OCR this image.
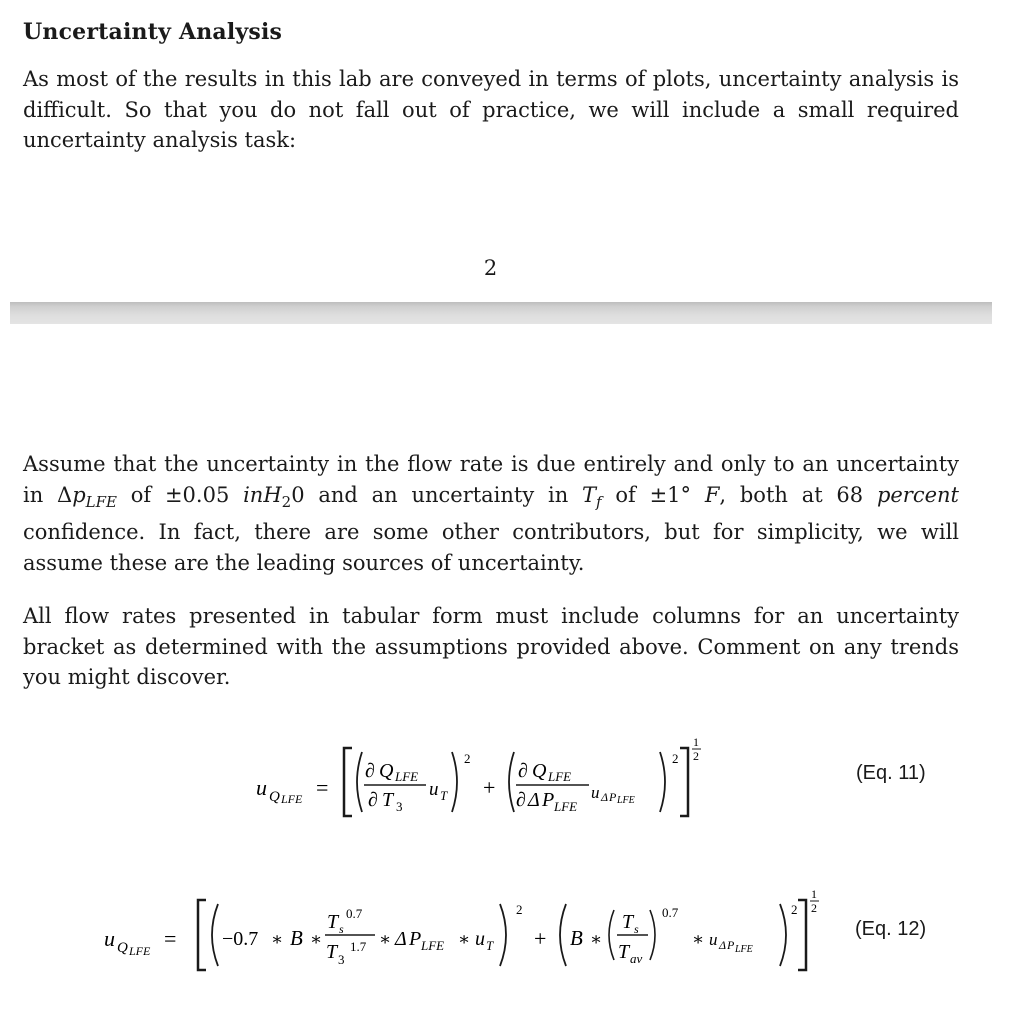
Uncertainty Analysis
As most of the results in this lab are conveyed in terms of plots, uncertainty analysis is difficult. So that you do not fall out of practice, we will include a small required uncertainty analysis task:
2
Assume that the uncertainty in the flow rate is due entirely and only to an uncertainty in $\Delta p_{LFE}$ of ±0.05 inH$_2$0 and an uncertainty in $T_f$ of ±1° F, both at 68 percent confidence. In fact, there are some other contributors, but for simplicity, we will assume these are the leading sources of uncertainty.
All flow rates presented in tabular form must include columns for an uncertainty bracket as determined with the assumptions provided above. Comment on any trends you might discover.
u Q LFE =
∂ Q LFE
∂ T 3
u T
2
+
∂ Q LFE
∂ Δ P LFE
u Δ P LFE
2
1
2
u Q LFE = −0.7 ∗ B ∗
T s
0.7
T 3
1.7 ∗ Δ P LFE ∗ u T
2
+ B ∗
T s
T av
0.7
∗ u Δ P LFE
2
1
2
(Eq. 11)
(Eq. 12)
